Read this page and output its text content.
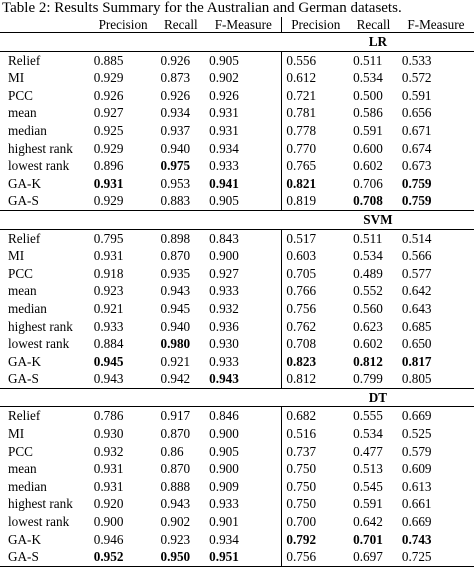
Table 2: Results Summary for the Australian and German datasets.
	Precision	Recall	F-Measure	Precision	Recall	F-Measure
				LR		
Relief	0.885	0.926	0.905	0.556	0.511	0.533
MI	0.929	0.873	0.902	0.612	0.534	0.572
PCC	0.926	0.926	0.926	0.721	0.500	0.591
mean	0.927	0.934	0.931	0.781	0.586	0.656
median	0.925	0.937	0.931	0.778	0.591	0.671
highest rank	0.929	0.940	0.934	0.770	0.600	0.674
lowest rank	0.896	0.975	0.933	0.765	0.602	0.673
GA-K	0.931	0.953	0.941	0.821	0.706	0.759
GA-S	0.929	0.883	0.905	0.819	0.708	0.759
				SVM		
Relief	0.795	0.898	0.843	0.517	0.511	0.514
MI	0.931	0.870	0.900	0.603	0.534	0.566
PCC	0.918	0.935	0.927	0.705	0.489	0.577
mean	0.923	0.943	0.933	0.766	0.552	0.642
median	0.921	0.945	0.932	0.756	0.560	0.643
highest rank	0.933	0.940	0.936	0.762	0.623	0.685
lowest rank	0.884	0.980	0.930	0.708	0.602	0.650
GA-K	0.945	0.921	0.933	0.823	0.812	0.817
GA-S	0.943	0.942	0.943	0.812	0.799	0.805
				DT		
Relief	0.786	0.917	0.846	0.682	0.555	0.669
MI	0.930	0.870	0.900	0.516	0.534	0.525
PCC	0.932	0.86	0.905	0.737	0.477	0.579
mean	0.931	0.870	0.900	0.750	0.513	0.609
median	0.931	0.888	0.909	0.750	0.545	0.613
highest rank	0.920	0.943	0.933	0.750	0.591	0.661
lowest rank	0.900	0.902	0.901	0.700	0.642	0.669
GA-K	0.946	0.923	0.934	0.792	0.701	0.743
GA-S	0.952	0.950	0.951	0.756	0.697	0.725
